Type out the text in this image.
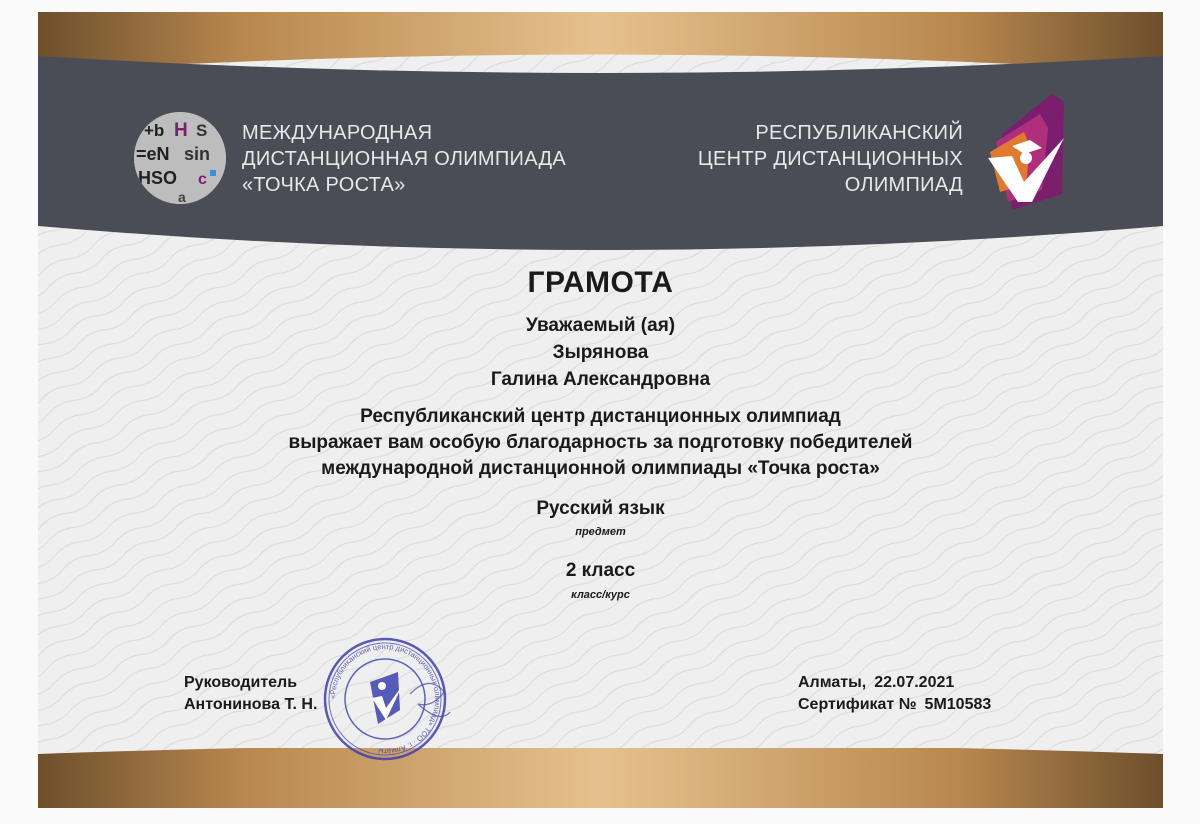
+b H S
=eN sin
HSO c
a
МЕЖДУНАРОДНАЯ
ДИСТАНЦИОННАЯ ОЛИМПИАДА
«ТОЧКА РОСТА»
РЕСПУБЛИКАНСКИЙ
ЦЕНТР ДИСТАНЦИОННЫХ
ОЛИМПИАД
ГРАМОТА
Уважаемый (ая)
Зырянова
Галина Александровна
Республиканский центр дистанционных олимпиад
выражает вам особую благодарность за подготовку победителей
международной дистанционной олимпиады «Точка роста»
Русский язык
предмет
2 класс
класс/курс
«Республиканский центр дистанционных олимпиад» ТОО · г. Алматы ·
Руководитель
Антонинова Т. Н.
Алматы, 22.07.2021
Сертификат № 5M10583
